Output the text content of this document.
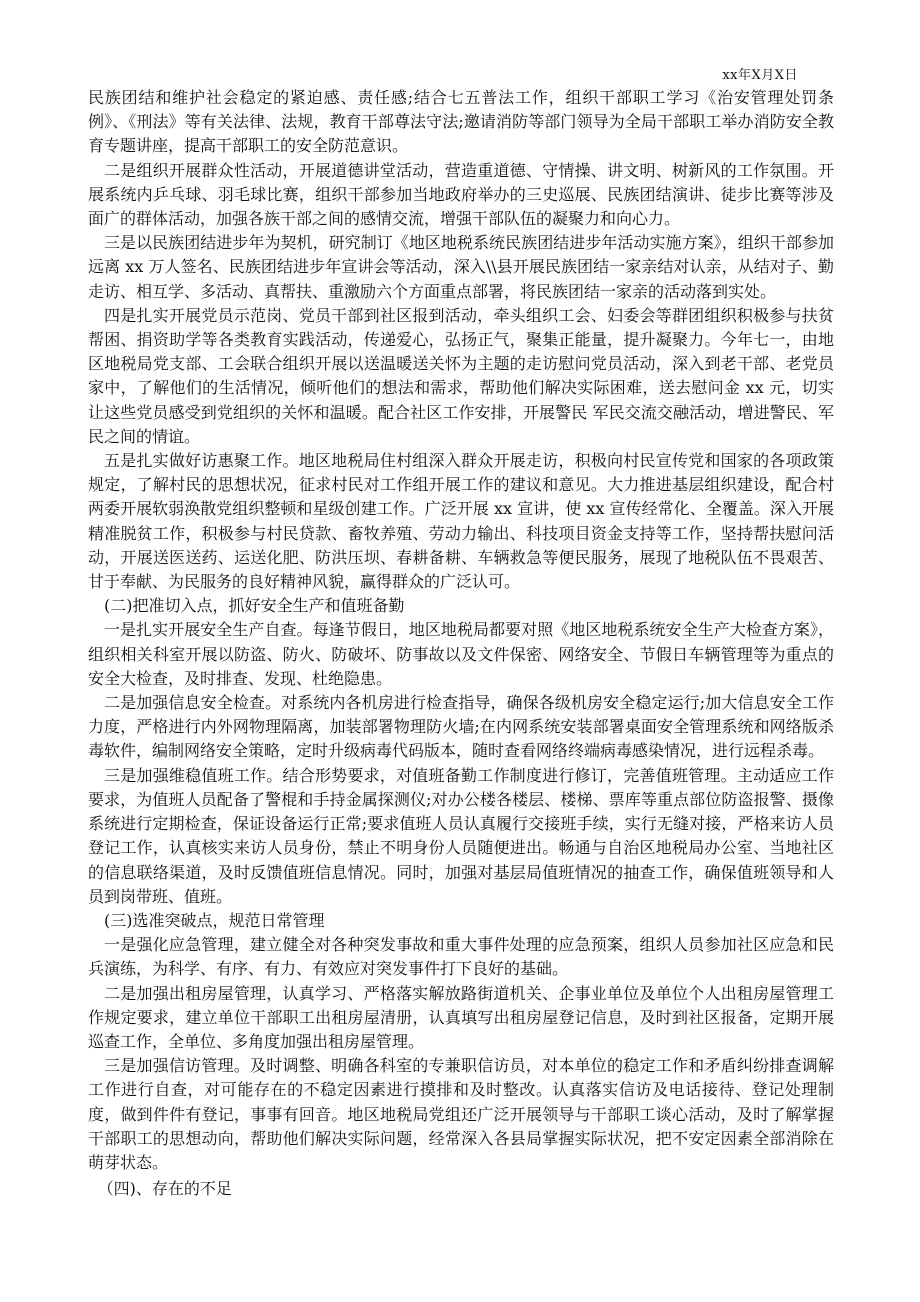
xx年X月X日

民族团结和维护社会稳定的紧迫感、责任感;结合七五普法工作，组织干部职工学习《治安管理处罚条例》、《刑法》等有关法律、法规，教育干部尊法守法;邀请消防等部门领导为全局干部职工举办消防安全教育专题讲座，提高干部职工的安全防范意识。

二是组织开展群众性活动，开展道德讲堂活动，营造重道德、守情操、讲文明、树新风的工作氛围。开展系统内乒乓球、羽毛球比赛，组织干部参加当地政府举办的三史巡展、民族团结演讲、徒步比赛等涉及面广的群体活动，加强各族干部之间的感情交流，增强干部队伍的凝聚力和向心力。

三是以民族团结进步年为契机，研究制订《地区地税系统民族团结进步年活动实施方案》，组织干部参加远离 xx 万人签名、民族团结进步年宣讲会等活动，深入\\县开展民族团结一家亲结对认亲，从结对子、勤走访、相互学、多活动、真帮扶、重激励六个方面重点部署，将民族团结一家亲的活动落到实处。

四是扎实开展党员示范岗、党员干部到社区报到活动，牵头组织工会、妇委会等群团组织积极参与扶贫帮困、捐资助学等各类教育实践活动，传递爱心，弘扬正气，聚集正能量，提升凝聚力。今年七一，由地区地税局党支部、工会联合组织开展以送温暖送关怀为主题的走访慰问党员活动，深入到老干部、老党员家中，了解他们的生活情况，倾听他们的想法和需求，帮助他们解决实际困难，送去慰问金 xx 元，切实让这些党员感受到党组织的关怀和温暖。配合社区工作安排，开展警民 军民交流交融活动，增进警民、军民之间的情谊。

五是扎实做好访惠聚工作。地区地税局住村组深入群众开展走访，积极向村民宣传党和国家的各项政策规定，了解村民的思想状况，征求村民对工作组开展工作的建议和意见。大力推进基层组织建设，配合村两委开展软弱涣散党组织整顿和星级创建工作。广泛开展 xx 宣讲，使 xx 宣传经常化、全覆盖。深入开展精准脱贫工作，积极参与村民贷款、畜牧养殖、劳动力输出、科技项目资金支持等工作，坚持帮扶慰问活动，开展送医送药、运送化肥、防洪压坝、春耕备耕、车辆救急等便民服务，展现了地税队伍不畏艰苦、甘于奉献、为民服务的良好精神风貌，赢得群众的广泛认可。

(二)把准切入点，抓好安全生产和值班备勤

一是扎实开展安全生产自查。每逢节假日，地区地税局都要对照《地区地税系统安全生产大检查方案》，组织相关科室开展以防盗、防火、防破坏、防事故以及文件保密、网络安全、节假日车辆管理等为重点的安全大检查，及时排查、发现、杜绝隐患。

二是加强信息安全检查。对系统内各机房进行检查指导，确保各级机房安全稳定运行;加大信息安全工作力度，严格进行内外网物理隔离，加装部署物理防火墙;在内网系统安装部署桌面安全管理系统和网络版杀毒软件，编制网络安全策略，定时升级病毒代码版本，随时查看网络终端病毒感染情况，进行远程杀毒。

三是加强维稳值班工作。结合形势要求，对值班备勤工作制度进行修订，完善值班管理。主动适应工作要求，为值班人员配备了警棍和手持金属探测仪;对办公楼各楼层、楼梯、票库等重点部位防盗报警、摄像系统进行定期检查，保证设备运行正常;要求值班人员认真履行交接班手续，实行无缝对接，严格来访人员登记工作，认真核实来访人员身份，禁止不明身份人员随便进出。畅通与自治区地税局办公室、当地社区的信息联络渠道，及时反馈值班信息情况。同时，加强对基层局值班情况的抽查工作，确保值班领导和人员到岗带班、值班。

(三)选准突破点，规范日常管理

一是强化应急管理，建立健全对各种突发事故和重大事件处理的应急预案，组织人员参加社区应急和民兵演练，为科学、有序、有力、有效应对突发事件打下良好的基础。

二是加强出租房屋管理，认真学习、严格落实解放路街道机关、企事业单位及单位个人出租房屋管理工作规定要求，建立单位干部职工出租房屋清册，认真填写出租房屋登记信息，及时到社区报备，定期开展巡查工作，全单位、多角度加强出租房屋管理。

三是加强信访管理。及时调整、明确各科室的专兼职信访员，对本单位的稳定工作和矛盾纠纷排查调解工作进行自查，对可能存在的不稳定因素进行摸排和及时整改。认真落实信访及电话接待、登记处理制度，做到件件有登记，事事有回音。地区地税局党组还广泛开展领导与干部职工谈心活动，及时了解掌握干部职工的思想动向，帮助他们解决实际问题，经常深入各县局掌握实际状况，把不安定因素全部消除在萌芽状态。

（四)、存在的不足
